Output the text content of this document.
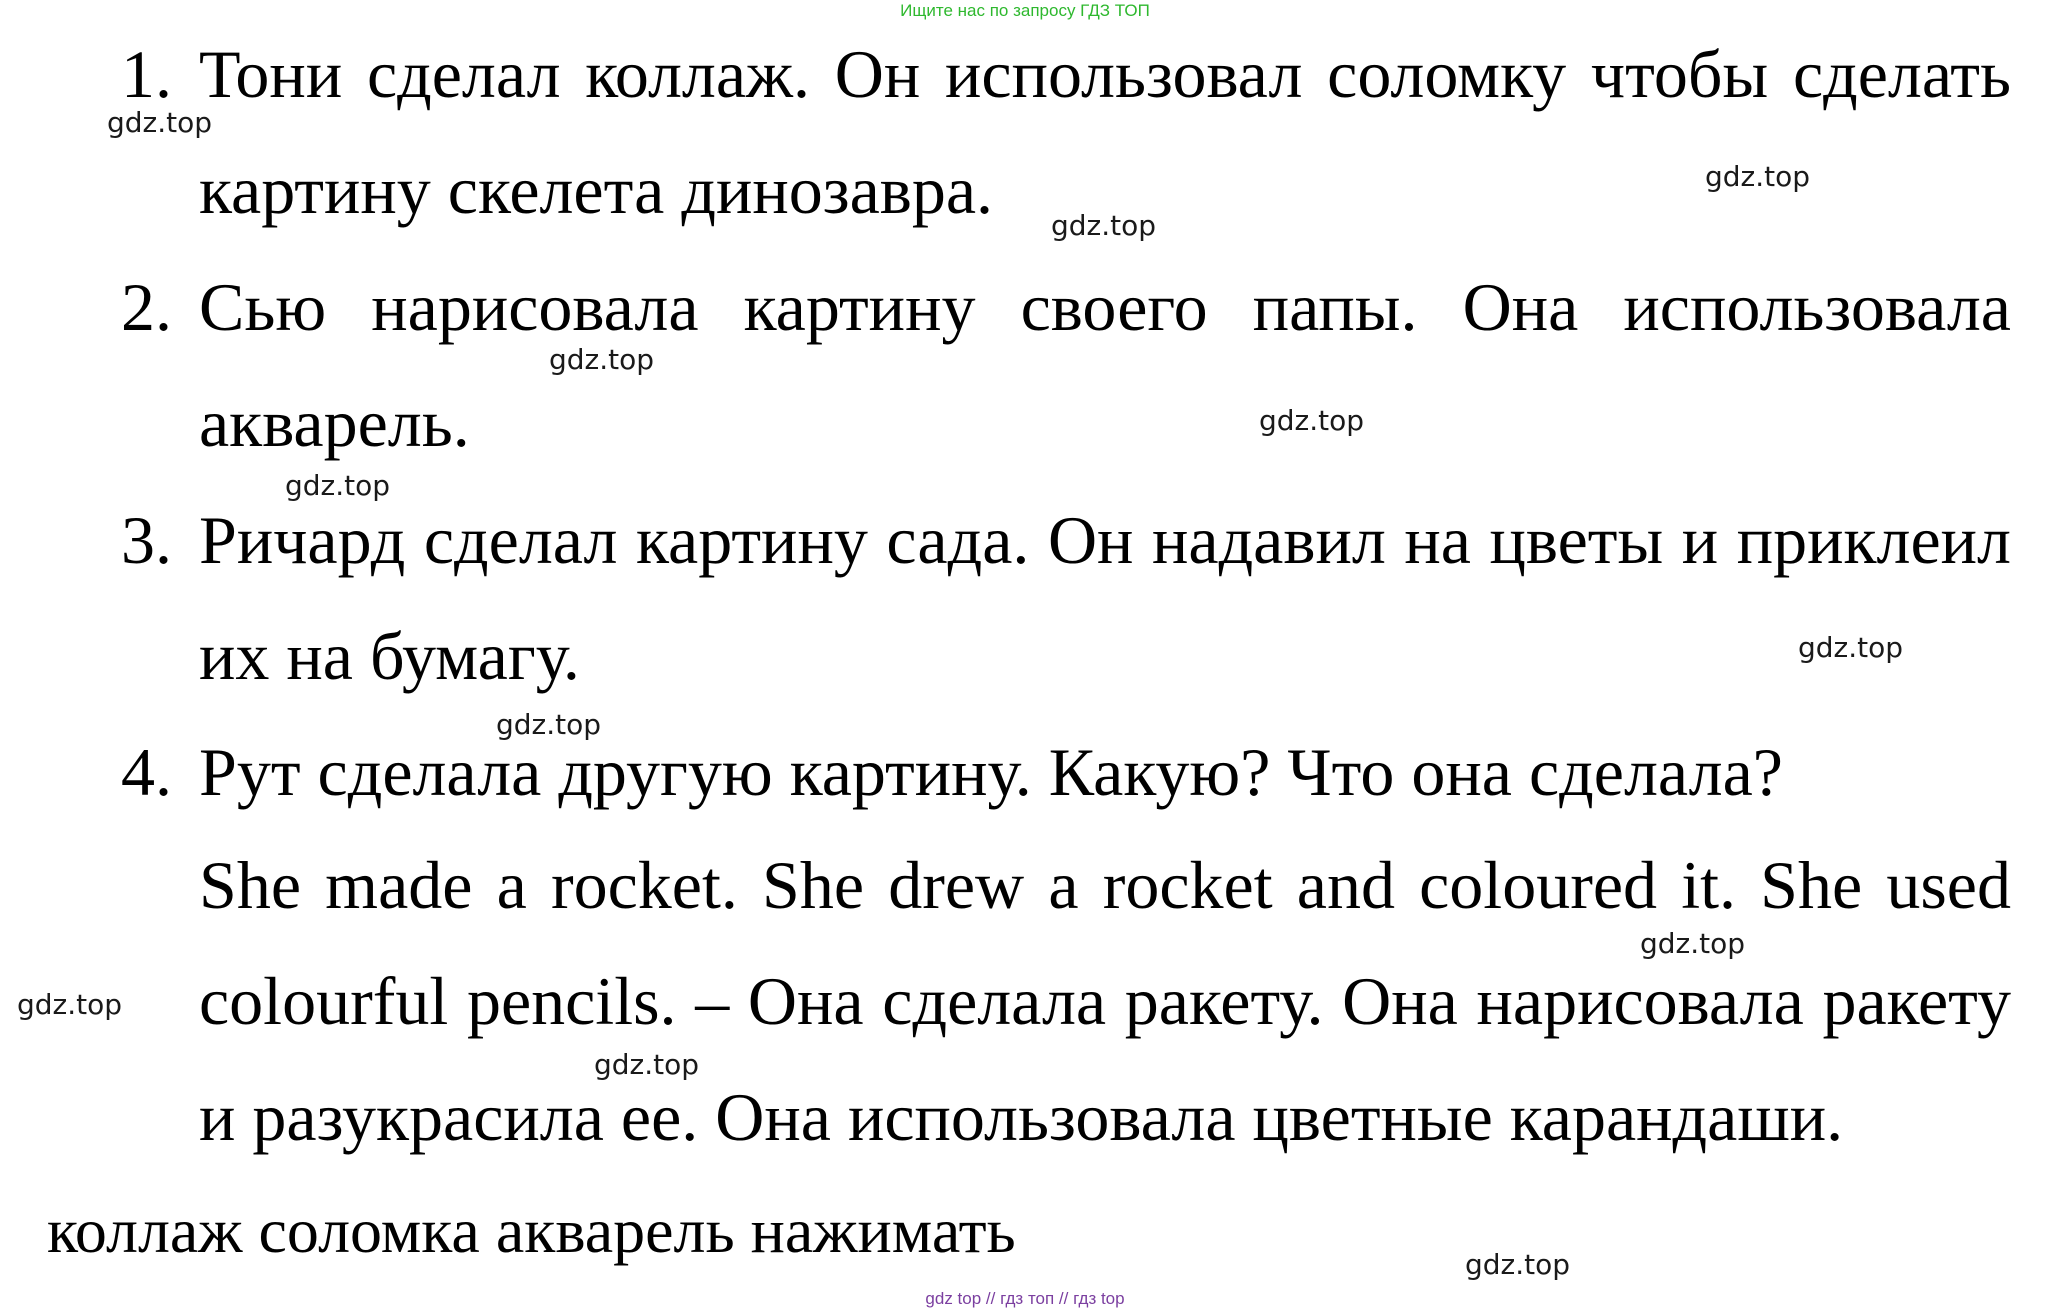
Ищите нас по запросу ГДЗ ТОП
1. Тони сделал коллаж. Он использовал соломку чтобы сделать картину скелета динозавра.
2. Сью нарисовала картину своего папы. Она использовала акварель.
3. Ричард сделал картину сада. Он надавил на цветы и приклеил их на бумагу.
4. Рут сделала другую картину. Какую? Что она сделала?
She made a rocket. She drew a rocket and coloured it. She used colourful pencils. – Она сделала ракету. Она нарисовала ракету и разукрасила ее. Она использовала цветные карандаши.
коллаж соломка акварель нажимать
gdz.top
gdz.top
gdz.top
gdz.top
gdz.top
gdz.top
gdz.top
gdz.top
gdz.top
gdz.top
gdz.top
gdz.top
gdz top // гдз топ // гдз top
